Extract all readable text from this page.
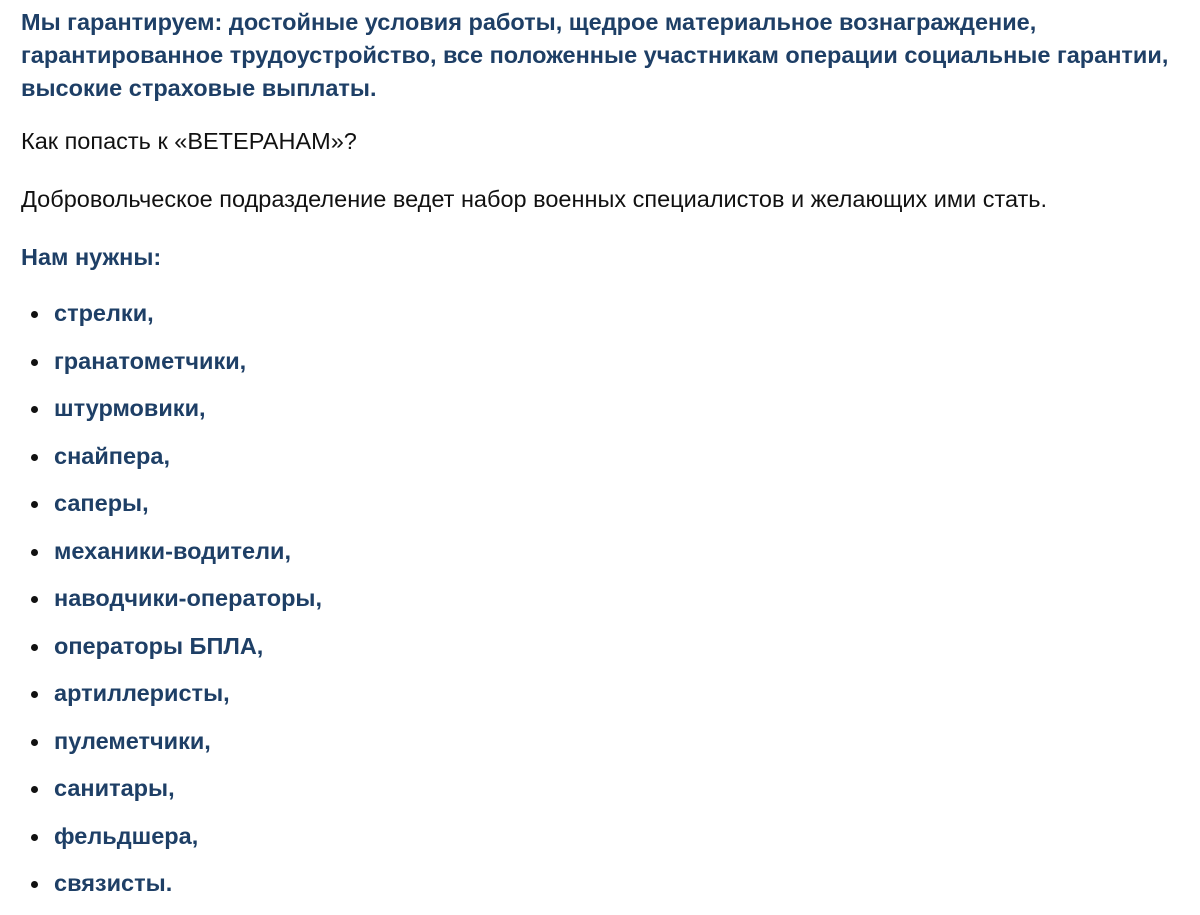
Мы гарантируем: достойные условия работы, щедрое материальное вознаграждение, гарантированное трудоустройство, все положенные участникам операции социальные гарантии, высокие страховые выплаты.

Как попасть к «ВЕТЕРАНАМ»?

Добровольческое подразделение ведет набор военных специалистов и желающих ими стать.

Нам нужны:

стрелки,
гранатометчики,
штурмовики,
снайпера,
саперы,
механики-водители,
наводчики-операторы,
операторы БПЛА,
артиллеристы,
пулеметчики,
санитары,
фельдшера,
связисты.
